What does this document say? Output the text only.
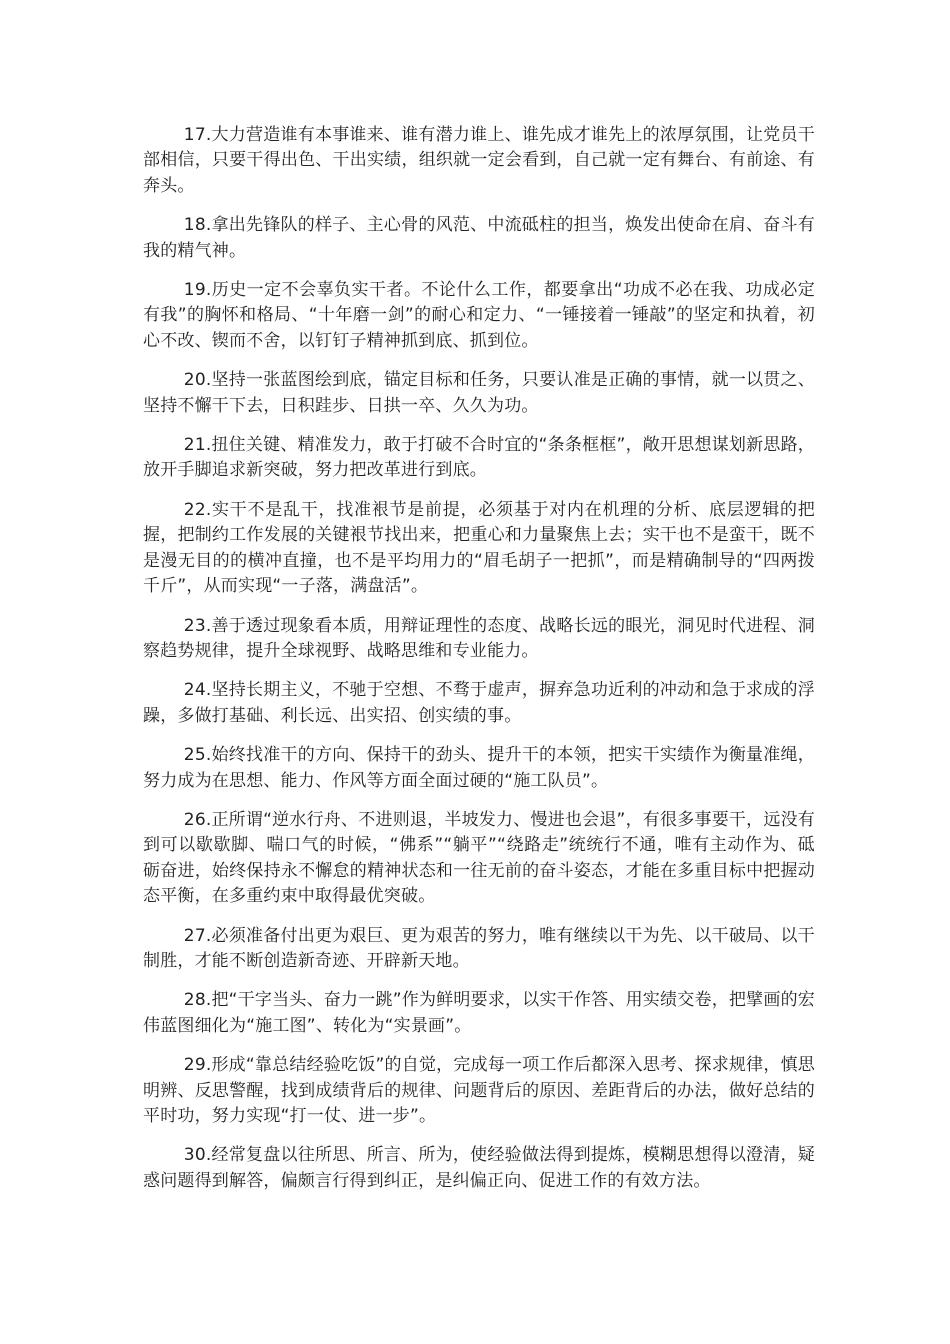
17.大力营造谁有本事谁来、谁有潜力谁上、谁先成才谁先上的浓厚氛围，让党员干部相信，只要干得出色、干出实绩，组织就一定会看到，自己就一定有舞台、有前途、有奔头。

18.拿出先锋队的样子、主心骨的风范、中流砥柱的担当，焕发出使命在肩、奋斗有我的精气神。

19.历史一定不会辜负实干者。不论什么工作，都要拿出“功成不必在我、功成必定有我”的胸怀和格局、“十年磨一剑”的耐心和定力、“一锤接着一锤敲”的坚定和执着，初心不改、锲而不舍，以钉钉子精神抓到底、抓到位。

20.坚持一张蓝图绘到底，锚定目标和任务，只要认准是正确的事情，就一以贯之、坚持不懈干下去，日积跬步、日拱一卒、久久为功。

21.扭住关键、精准发力，敢于打破不合时宜的“条条框框”，敞开思想谋划新思路，放开手脚追求新突破，努力把改革进行到底。

22.实干不是乱干，找准裉节是前提，必须基于对内在机理的分析、底层逻辑的把握，把制约工作发展的关键裉节找出来，把重心和力量聚焦上去；实干也不是蛮干，既不是漫无目的的横冲直撞，也不是平均用力的“眉毛胡子一把抓”，而是精确制导的“四两拨千斤”，从而实现“一子落，满盘活”。

23.善于透过现象看本质，用辩证理性的态度、战略长远的眼光，洞见时代进程、洞察趋势规律，提升全球视野、战略思维和专业能力。

24.坚持长期主义，不驰于空想、不骛于虚声，摒弃急功近利的冲动和急于求成的浮躁，多做打基础、利长远、出实招、创实绩的事。

25.始终找准干的方向、保持干的劲头、提升干的本领，把实干实绩作为衡量准绳，努力成为在思想、能力、作风等方面全面过硬的“施工队员”。

26.正所谓“逆水行舟、不进则退，半坡发力、慢进也会退”，有很多事要干，远没有到可以歇歇脚、喘口气的时候，“佛系”“躺平”“绕路走”统统行不通，唯有主动作为、砥砺奋进，始终保持永不懈怠的精神状态和一往无前的奋斗姿态，才能在多重目标中把握动态平衡，在多重约束中取得最优突破。

27.必须准备付出更为艰巨、更为艰苦的努力，唯有继续以干为先、以干破局、以干制胜，才能不断创造新奇迹、开辟新天地。

28.把“干字当头、奋力一跳”作为鲜明要求，以实干作答、用实绩交卷，把擘画的宏伟蓝图细化为“施工图”、转化为“实景画”。

29.形成“靠总结经验吃饭”的自觉，完成每一项工作后都深入思考、探求规律，慎思明辨、反思警醒，找到成绩背后的规律、问题背后的原因、差距背后的办法，做好总结的平时功，努力实现“打一仗、进一步”。

30.经常复盘以往所思、所言、所为，使经验做法得到提炼，模糊思想得以澄清，疑惑问题得到解答，偏颇言行得到纠正，是纠偏正向、促进工作的有效方法。
